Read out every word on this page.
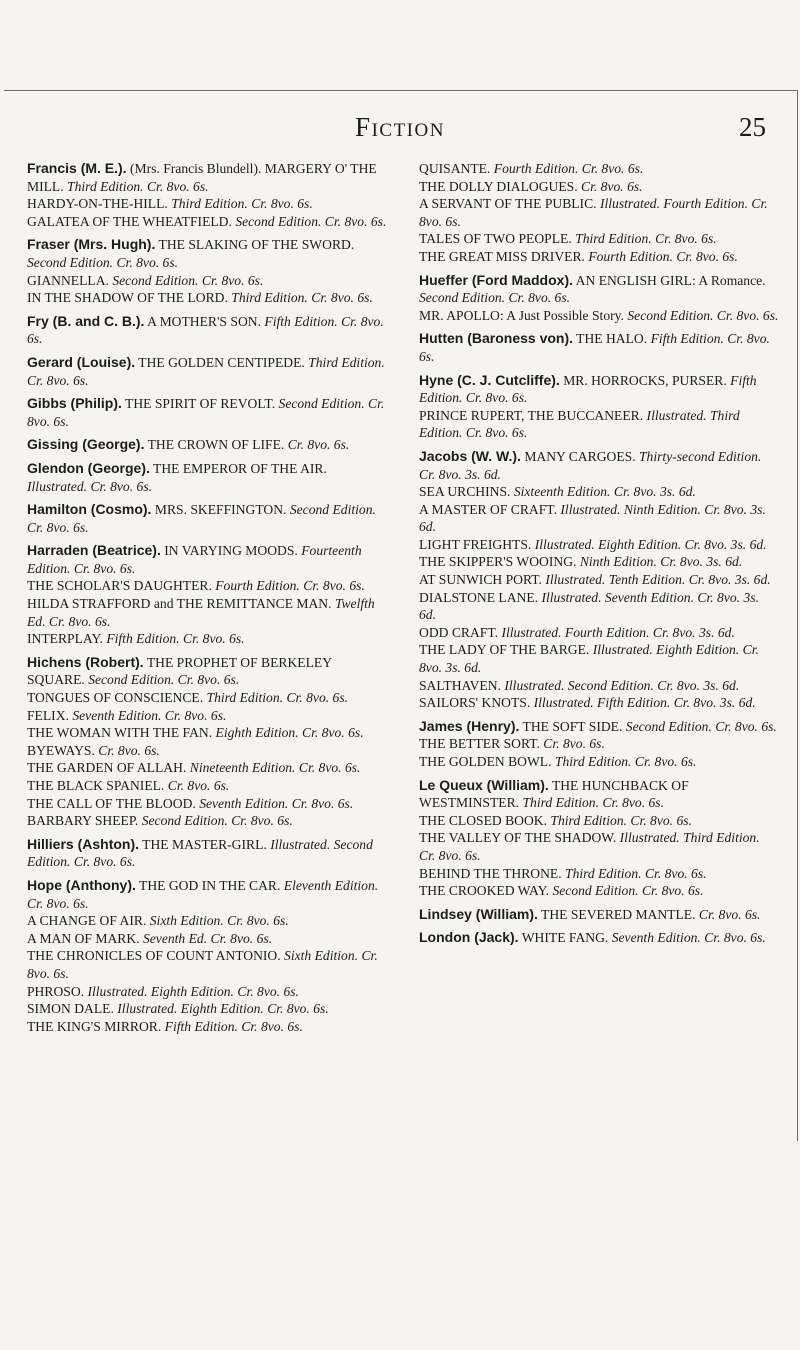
Fiction	25
Francis (M. E.). (Mrs. Francis Blundell). MARGERY O' THE MILL. Third Edition. Cr. 8vo. 6s.
HARDY-ON-THE-HILL. Third Edition. Cr. 8vo. 6s.
GALATEA OF THE WHEATFIELD. Second Edition. Cr. 8vo. 6s.
Fraser (Mrs. Hugh). THE SLAKING OF THE SWORD. Second Edition. Cr. 8vo. 6s.
GIANNELLA. Second Edition. Cr. 8vo. 6s.
IN THE SHADOW OF THE LORD. Third Edition. Cr. 8vo. 6s.
Fry (B. and C. B.). A MOTHER'S SON. Fifth Edition. Cr. 8vo. 6s.
Gerard (Louise). THE GOLDEN CENTIPEDE. Third Edition. Cr. 8vo. 6s.
Gibbs (Philip). THE SPIRIT OF REVOLT. Second Edition. Cr. 8vo. 6s.
Gissing (George). THE CROWN OF LIFE. Cr. 8vo. 6s.
Glendon (George). THE EMPEROR OF THE AIR. Illustrated. Cr. 8vo. 6s.
Hamilton (Cosmo). MRS. SKEFFINGTON. Second Edition. Cr. 8vo. 6s.
Harraden (Beatrice). IN VARYING MOODS. Fourteenth Edition. Cr. 8vo. 6s.
THE SCHOLAR'S DAUGHTER. Fourth Edition. Cr. 8vo. 6s.
HILDA STRAFFORD and THE REMITTANCE MAN. Twelfth Ed. Cr. 8vo. 6s.
INTERPLAY. Fifth Edition. Cr. 8vo. 6s.
Hichens (Robert). THE PROPHET OF BERKELEY SQUARE. Second Edition. Cr. 8vo. 6s.
TONGUES OF CONSCIENCE. Third Edition. Cr. 8vo. 6s.
FELIX. Seventh Edition. Cr. 8vo. 6s.
THE WOMAN WITH THE FAN. Eighth Edition. Cr. 8vo. 6s.
BYEWAYS. Cr. 8vo. 6s.
THE GARDEN OF ALLAH. Nineteenth Edition. Cr. 8vo. 6s.
THE BLACK SPANIEL. Cr. 8vo. 6s.
THE CALL OF THE BLOOD. Seventh Edition. Cr. 8vo. 6s.
BARBARY SHEEP. Second Edition. Cr. 8vo. 6s.
Hilliers (Ashton). THE MASTER-GIRL. Illustrated. Second Edition. Cr. 8vo. 6s.
Hope (Anthony). THE GOD IN THE CAR. Eleventh Edition. Cr. 8vo. 6s.
A CHANGE OF AIR. Sixth Edition. Cr. 8vo. 6s.
A MAN OF MARK. Seventh Ed. Cr. 8vo. 6s.
THE CHRONICLES OF COUNT ANTONIO. Sixth Edition. Cr. 8vo. 6s.
PHROSO. Illustrated. Eighth Edition. Cr. 8vo. 6s.
SIMON DALE. Illustrated. Eighth Edition. Cr. 8vo. 6s.
THE KING'S MIRROR. Fifth Edition. Cr. 8vo. 6s.
QUISANTE. Fourth Edition. Cr. 8vo. 6s.
THE DOLLY DIALOGUES. Cr. 8vo. 6s.
A SERVANT OF THE PUBLIC. Illustrated. Fourth Edition. Cr. 8vo. 6s.
TALES OF TWO PEOPLE. Third Edition. Cr. 8vo. 6s.
THE GREAT MISS DRIVER. Fourth Edition. Cr. 8vo. 6s.
Hueffer (Ford Maddox). AN ENGLISH GIRL: A Romance. Second Edition. Cr. 8vo. 6s.
MR. APOLLO: A Just Possible Story. Second Edition. Cr. 8vo. 6s.
Hutten (Baroness von). THE HALO. Fifth Edition. Cr. 8vo. 6s.
Hyne (C. J. Cutcliffe). MR. HORROCKS, PURSER. Fifth Edition. Cr. 8vo. 6s.
PRINCE RUPERT, THE BUCCANEER. Illustrated. Third Edition. Cr. 8vo. 6s.
Jacobs (W. W.). MANY CARGOES. Thirty-second Edition. Cr. 8vo. 3s. 6d.
SEA URCHINS. Sixteenth Edition. Cr. 8vo. 3s. 6d.
A MASTER OF CRAFT. Illustrated. Ninth Edition. Cr. 8vo. 3s. 6d.
LIGHT FREIGHTS. Illustrated. Eighth Edition. Cr. 8vo. 3s. 6d.
THE SKIPPER'S WOOING. Ninth Edition. Cr. 8vo. 3s. 6d.
AT SUNWICH PORT. Illustrated. Tenth Edition. Cr. 8vo. 3s. 6d.
DIALSTONE LANE. Illustrated. Seventh Edition. Cr. 8vo. 3s. 6d.
ODD CRAFT. Illustrated. Fourth Edition. Cr. 8vo. 3s. 6d.
THE LADY OF THE BARGE. Illustrated. Eighth Edition. Cr. 8vo. 3s. 6d.
SALTHAVEN. Illustrated. Second Edition. Cr. 8vo. 3s. 6d.
SAILORS' KNOTS. Illustrated. Fifth Edition. Cr. 8vo. 3s. 6d.
James (Henry). THE SOFT SIDE. Second Edition. Cr. 8vo. 6s.
THE BETTER SORT. Cr. 8vo. 6s.
THE GOLDEN BOWL. Third Edition. Cr. 8vo. 6s.
Le Queux (William). THE HUNCHBACK OF WESTMINSTER. Third Edition. Cr. 8vo. 6s.
THE CLOSED BOOK. Third Edition. Cr. 8vo. 6s.
THE VALLEY OF THE SHADOW. Illustrated. Third Edition. Cr. 8vo. 6s.
BEHIND THE THRONE. Third Edition. Cr. 8vo. 6s.
THE CROOKED WAY. Second Edition. Cr. 8vo. 6s.
Lindsey (William). THE SEVERED MANTLE. Cr. 8vo. 6s.
London (Jack). WHITE FANG. Seventh Edition. Cr. 8vo. 6s.
